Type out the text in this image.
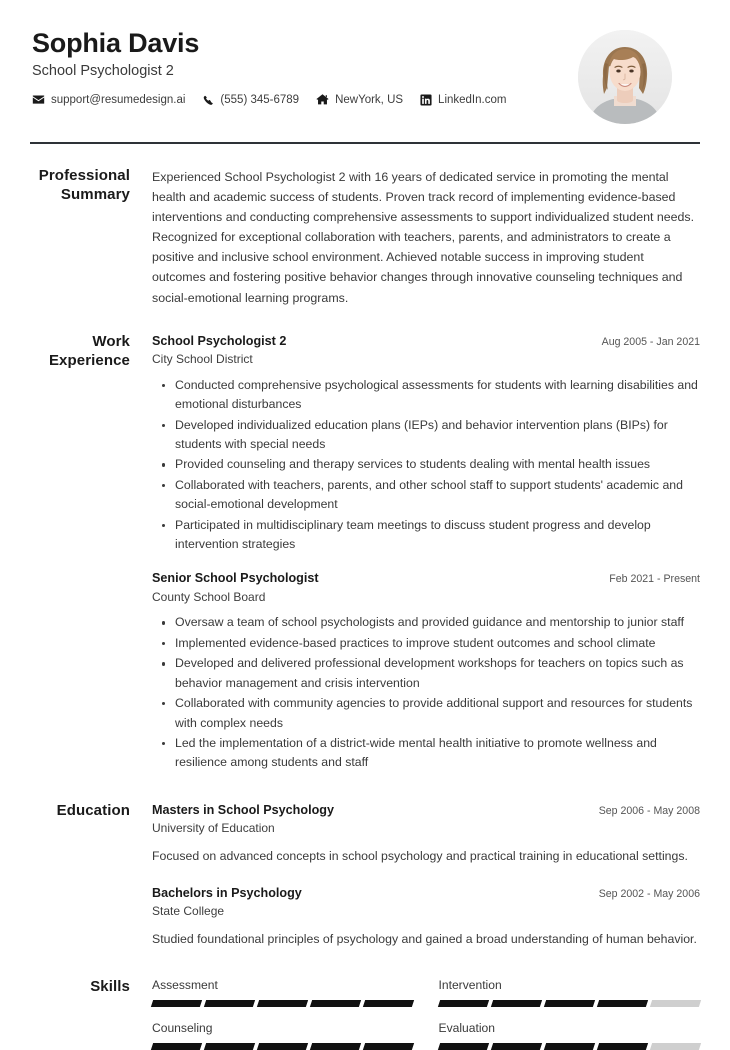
Sophia Davis
School Psychologist 2
support@resumedesign.ai	(555) 345-6789	NewYork, US	LinkedIn.com
Professional Summary
Experienced School Psychologist 2 with 16 years of dedicated service in promoting the mental health and academic success of students. Proven track record of implementing evidence-based interventions and conducting comprehensive assessments to support individualized student needs. Recognized for exceptional collaboration with teachers, parents, and administrators to create a positive and inclusive school environment. Achieved notable success in improving student outcomes and fostering positive behavior changes through innovative counseling techniques and social-emotional learning programs.
Work Experience
School Psychologist 2	Aug 2005 - Jan 2021
City School District
Conducted comprehensive psychological assessments for students with learning disabilities and emotional disturbances
Developed individualized education plans (IEPs) and behavior intervention plans (BIPs) for students with special needs
Provided counseling and therapy services to students dealing with mental health issues
Collaborated with teachers, parents, and other school staff to support students' academic and social-emotional development
Participated in multidisciplinary team meetings to discuss student progress and develop intervention strategies
Senior School Psychologist	Feb 2021 - Present
County School Board
Oversaw a team of school psychologists and provided guidance and mentorship to junior staff
Implemented evidence-based practices to improve student outcomes and school climate
Developed and delivered professional development workshops for teachers on topics such as behavior management and crisis intervention
Collaborated with community agencies to provide additional support and resources for students with complex needs
Led the implementation of a district-wide mental health initiative to promote wellness and resilience among students and staff
Education	Masters in School Psychology	Sep 2006 - May 2008
University of Education
Focused on advanced concepts in school psychology and practical training in educational settings.
Bachelors in Psychology	Sep 2002 - May 2006
State College
Studied foundational principles of psychology and gained a broad understanding of human behavior.
Skills	Assessment	Intervention
Counseling	Evaluation
